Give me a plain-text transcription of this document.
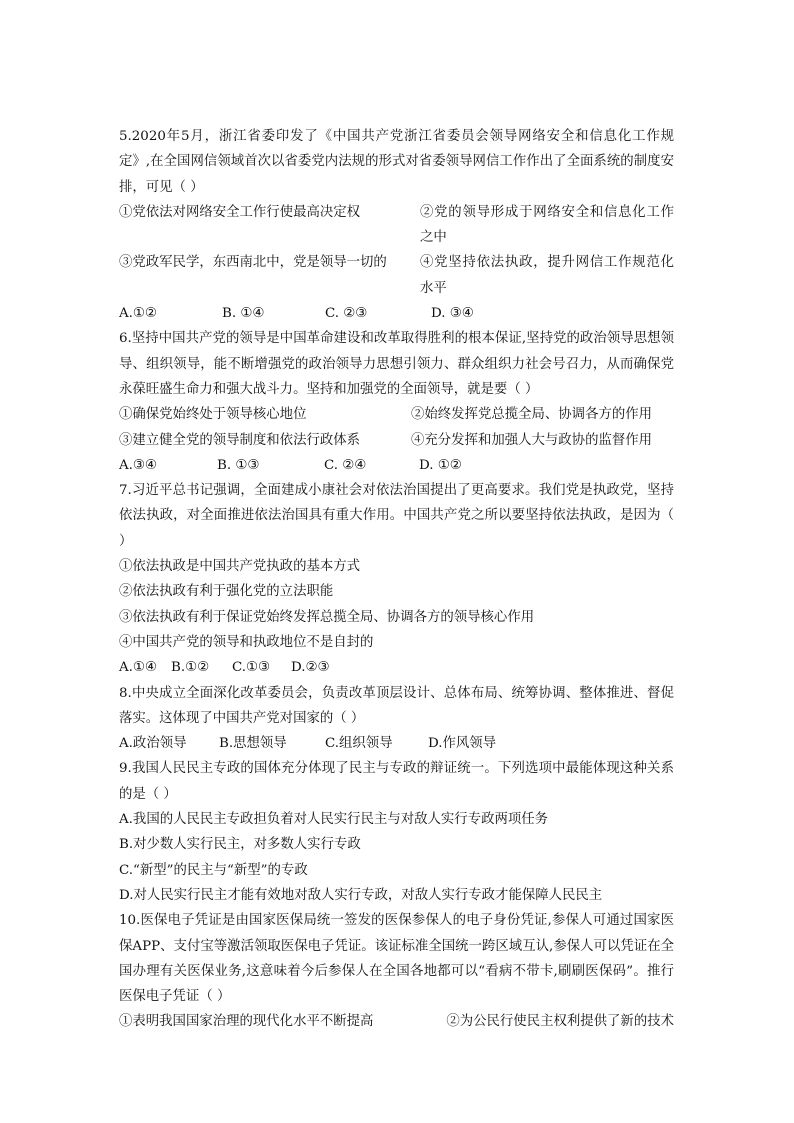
5.2020年5月，浙江省委印发了《中国共产党浙江省委员会领导网络安全和信息化工作规定》,在全国网信领域首次以省委党内法规的形式对省委领导网信工作作出了全面系统的制度安排，可见（ ）

①党依法对网络安全工作行使最高决定权	②党的领导形成于网络安全和信息化工作之中

③党政军民学，东西南北中，党是领导一切的	④党坚持依法执政，提升网信工作规范化水平

A.①②	B. ①④	C. ②③	D. ③④

6.坚持中国共产党的领导是中国革命建设和改革取得胜利的根本保证,坚持党的政治领导思想领导、组织领导，能不断增强党的政治领导力思想引领力、群众组织力社会号召力，从而确保党永葆旺盛生命力和强大战斗力。坚持和加强党的全面领导，就是要（ ）

①确保党始终处于领导核心地位	②始终发挥党总揽全局、协调各方的作用
③建立健全党的领导制度和依法行政体系	④充分发挥和加强人大与政协的监督作用
A.③④	B. ①③	C. ②④	D. ①②

7.习近平总书记强调，全面建成小康社会对依法治国提出了更高要求。我们党是执政党，坚持依法执政，对全面推进依法治国具有重大作用。中国共产党之所以要坚持依法执政，是因为（ ）

①依法执政是中国共产党执政的基本方式

②依法执政有利于强化党的立法职能

③依法执政有利于保证党始终发挥总揽全局、协调各方的领导核心作用

④中国共产党的领导和执政地位不是自封的

A.①④	B.①②	C.①③	D.②③

8.中央成立全面深化改革委员会，负责改革顶层设计、总体布局、统筹协调、整体推进、督促落实。这体现了中国共产党对国家的（ ）

A.政治领导	B.思想领导	C.组织领导	D.作风领导

9.我国人民民主专政的国体充分体现了民主与专政的辩证统一。下列选项中最能体现这种关系的是（ ）

A.我国的人民民主专政担负着对人民实行民主与对敌人实行专政两项任务

B.对少数人实行民主，对多数人实行专政

C.“新型”的民主与“新型”的专政

D.对人民实行民主才能有效地对敌人实行专政，对敌人实行专政才能保障人民民主

10.医保电子凭证是由国家医保局统一签发的医保参保人的电子身份凭证,参保人可通过国家医保APP、支付宝等激活领取医保电子凭证。该证标准全国统一跨区域互认,参保人可以凭证在全国办理有关医保业务,这意味着今后参保人在全国各地都可以“看病不带卡,刷刷医保码”。推行医保电子凭证（ ）

①表明我国国家治理的现代化水平不断提高	②为公民行使民主权利提供了新的技术
